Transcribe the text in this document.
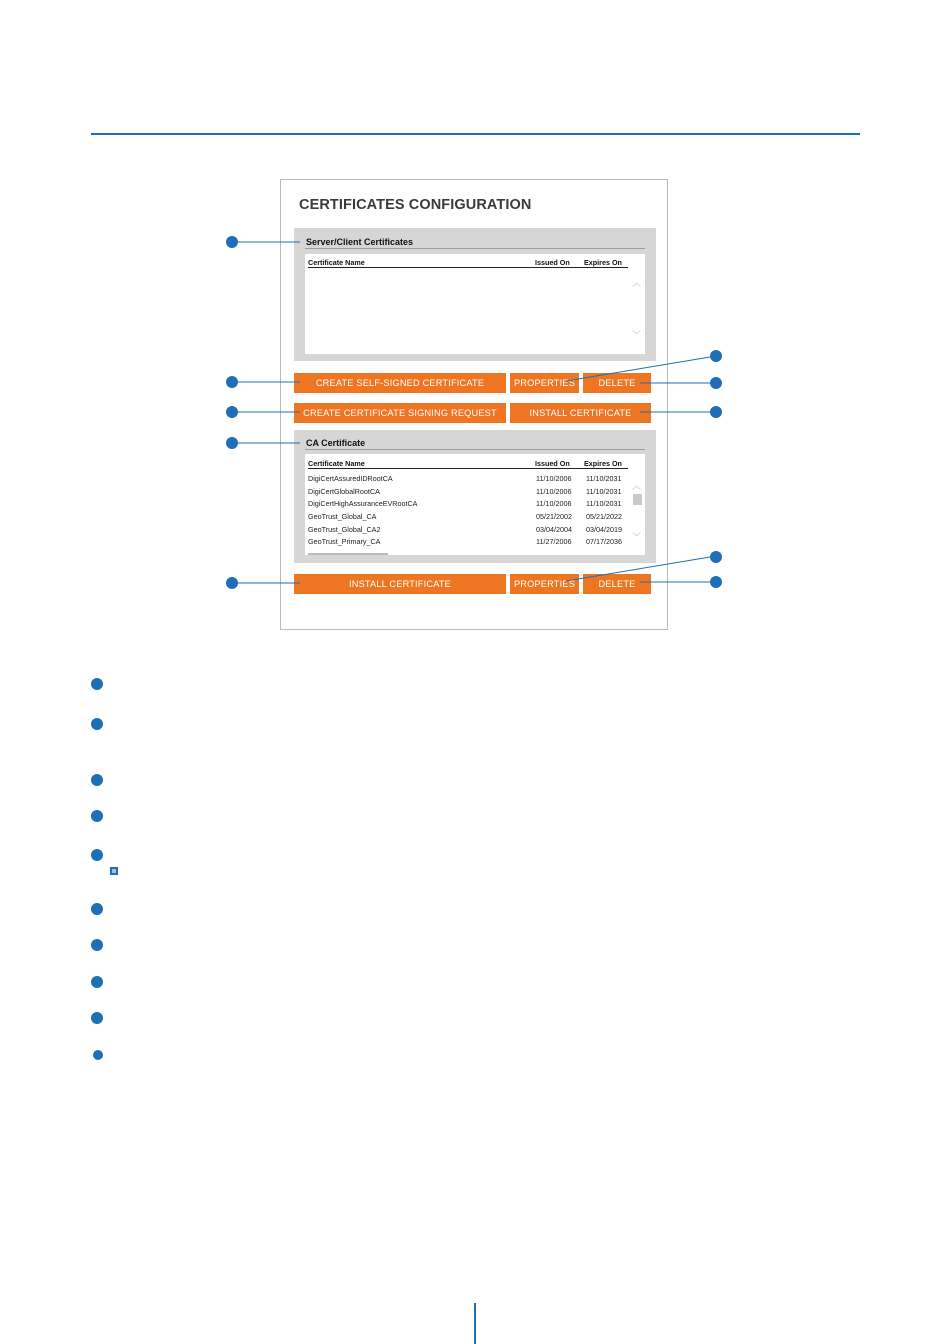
CERTIFICATES CONFIGURATION
Server/Client Certificates
Certificate Name	Issued On Expires On
︿
﹀
CREATE SELF-SIGNED CERTIFICATE	PROPERTIES	DELETE
CREATE CERTIFICATE SIGNING REQUEST	INSTALL CERTIFICATE
CA Certificate
Certificate Name	Issued On Expires On
DigiCertAssuredIDRootCA	11/10/2006 11/10/2031
DigiCertGlobalRootCA	11/10/2006 11/10/2031
DigiCertHighAssuranceEVRootCA	11/10/2006 11/10/2031
GeoTrust_Global_CA	05/21/2002 05/21/2022
GeoTrust_Global_CA2	03/04/2004 03/04/2019
GeoTrust_Primary_CA	11/27/2006 07/17/2036
︿
﹀
INSTALL CERTIFICATE	PROPERTIES	DELETE
